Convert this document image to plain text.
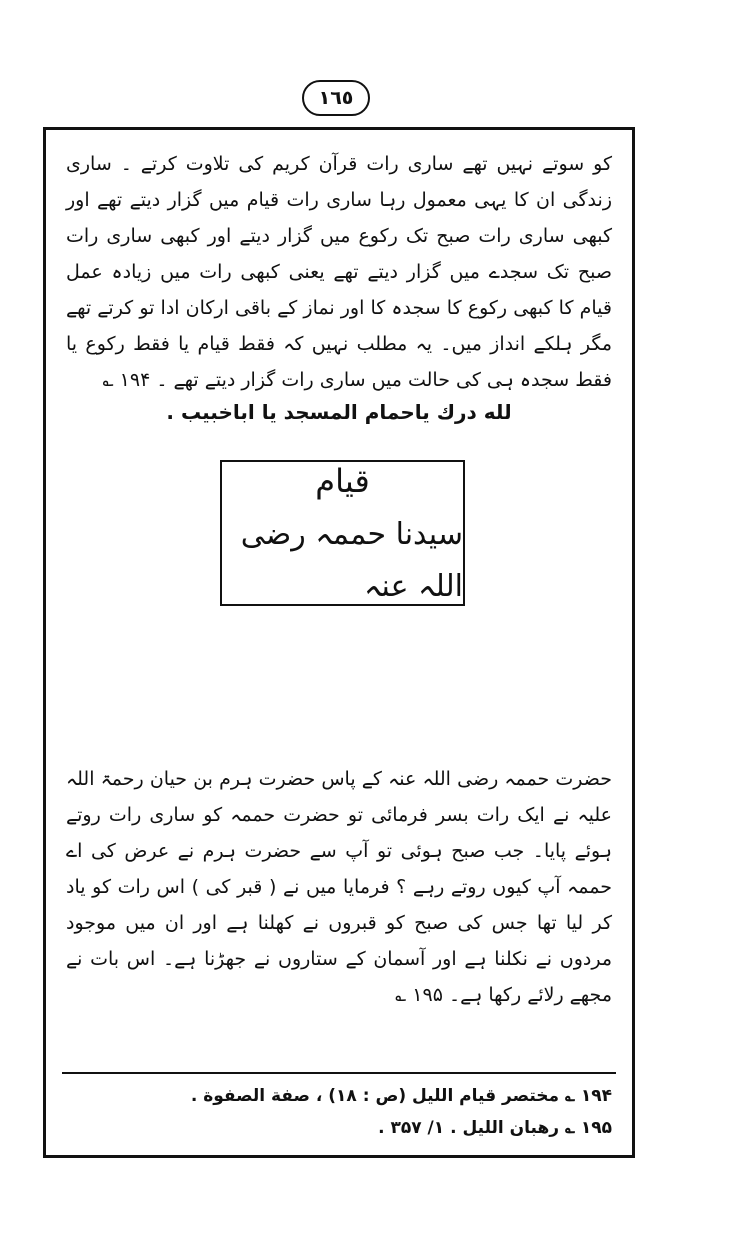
١٦٥

کو سوتے نہیں تھے ساری رات قرآن کریم کی تلاوت کرتے ۔ ساری زندگی ان کا یہی معمول رہا ساری رات قیام میں گزار دیتے تھے اور کبھی ساری رات صبح تک رکوع میں گزار دیتے اور کبھی ساری رات صبح تک سجدے میں گزار دیتے تھے یعنی کبھی رات میں زیادہ عمل قیام کا کبھی رکوع کا سجدہ کا اور نماز کے باقی ارکان ادا تو کرتے تھے مگر ہلکے انداز میں۔ یہ مطلب نہیں کہ فقط قیام یا فقط رکوع یا فقط سجدہ ہی کی حالت میں ساری رات گزار دیتے تھے ۔ ۱۹۴ ؎

لله درك ياحمام المسجد يا اباخبيب .

قیام
سیدنا حممہ رضی اللہ عنہ

حضرت حممہ رضی اللہ عنہ کے پاس حضرت ہرم بن حیان رحمۃ اللہ علیہ نے ایک رات بسر فرمائی تو حضرت حممہ کو ساری رات روتے ہوئے پایا۔ جب صبح ہوئی تو آپ سے حضرت ہرم نے عرض کی اے حممہ آپ کیوں روتے رہے ؟ فرمایا میں نے ( قبر کی ) اس رات کو یاد کر لیا تھا جس کی صبح کو قبروں نے کھلنا ہے اور ان میں موجود مردوں نے نکلنا ہے اور آسمان کے ستاروں نے جھڑنا ہے۔ اس بات نے مجھے رلائے رکھا ہے۔ ۱۹۵ ؎

۱۹۴ ؎ مختصر قيام الليل (ص : ۱۸) ، صفة الصفوة .
۱۹۵ ؎ رهبان الليل . ۱/ ۳۵۷ .
